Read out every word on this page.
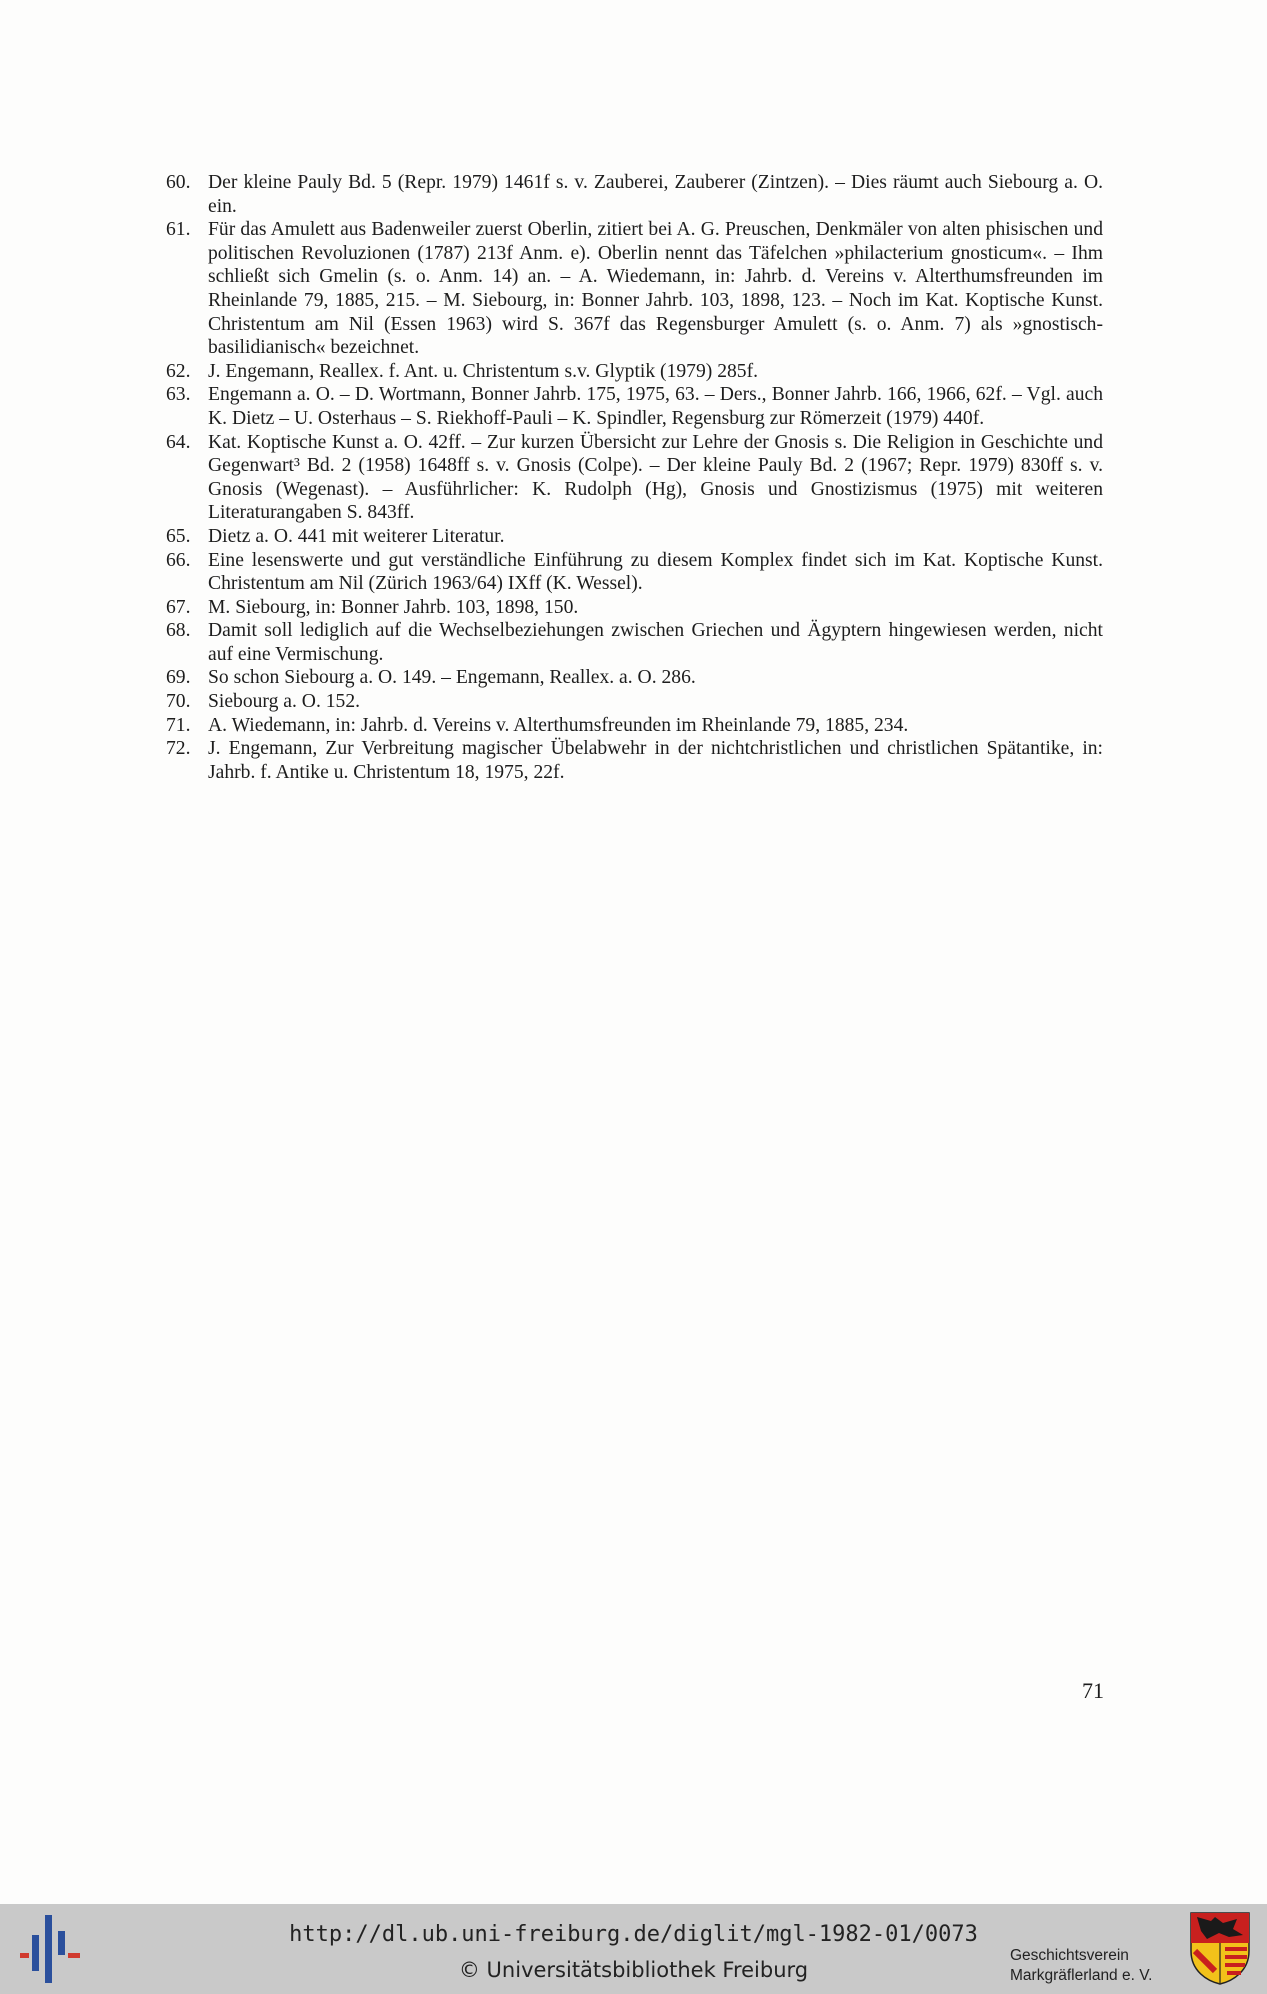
60. Der kleine Pauly Bd. 5 (Repr. 1979) 1461f s. v. Zauberei, Zauberer (Zintzen). – Dies räumt auch Siebourg a. O. ein.
61. Für das Amulett aus Badenweiler zuerst Oberlin, zitiert bei A. G. Preuschen, Denkmäler von alten phisischen und politischen Revoluzionen (1787) 213f Anm. e). Oberlin nennt das Täfelchen »philacterium gnosticum«. – Ihm schließt sich Gmelin (s. o. Anm. 14) an. – A. Wiedemann, in: Jahrb. d. Vereins v. Alterthumsfreunden im Rheinlande 79, 1885, 215. – M. Siebourg, in: Bonner Jahrb. 103, 1898, 123. – Noch im Kat. Koptische Kunst. Christentum am Nil (Essen 1963) wird S. 367f das Regensburger Amulett (s. o. Anm. 7) als »gnostisch-basilidianisch« bezeichnet.
62. J. Engemann, Reallex. f. Ant. u. Christentum s.v. Glyptik (1979) 285f.
63. Engemann a. O. – D. Wortmann, Bonner Jahrb. 175, 1975, 63. – Ders., Bonner Jahrb. 166, 1966, 62f. – Vgl. auch K. Dietz – U. Osterhaus – S. Riekhoff-Pauli – K. Spindler, Regensburg zur Römerzeit (1979) 440f.
64. Kat. Koptische Kunst a. O. 42ff. – Zur kurzen Übersicht zur Lehre der Gnosis s. Die Religion in Geschichte und Gegenwart³ Bd. 2 (1958) 1648ff s. v. Gnosis (Colpe). – Der kleine Pauly Bd. 2 (1967; Repr. 1979) 830ff s. v. Gnosis (Wegenast). – Ausführlicher: K. Rudolph (Hg), Gnosis und Gnostizismus (1975) mit weiteren Literaturangaben S. 843ff.
65. Dietz a. O. 441 mit weiterer Literatur.
66. Eine lesenswerte und gut verständliche Einführung zu diesem Komplex findet sich im Kat. Koptische Kunst. Christentum am Nil (Zürich 1963/64) IXff (K. Wessel).
67. M. Siebourg, in: Bonner Jahrb. 103, 1898, 150.
68. Damit soll lediglich auf die Wechselbeziehungen zwischen Griechen und Ägyptern hingewiesen werden, nicht auf eine Vermischung.
69. So schon Siebourg a. O. 149. – Engemann, Reallex. a. O. 286.
70. Siebourg a. O. 152.
71. A. Wiedemann, in: Jahrb. d. Vereins v. Alterthumsfreunden im Rheinlande 79, 1885, 234.
72. J. Engemann, Zur Verbreitung magischer Übelabwehr in der nichtchristlichen und christlichen Spätantike, in: Jahrb. f. Antike u. Christentum 18, 1975, 22f.
71
http://dl.ub.uni-freiburg.de/diglit/mgl-1982-01/0073
© Universitätsbibliothek Freiburg
Geschichtsverein
Markgräflerland e. V.
